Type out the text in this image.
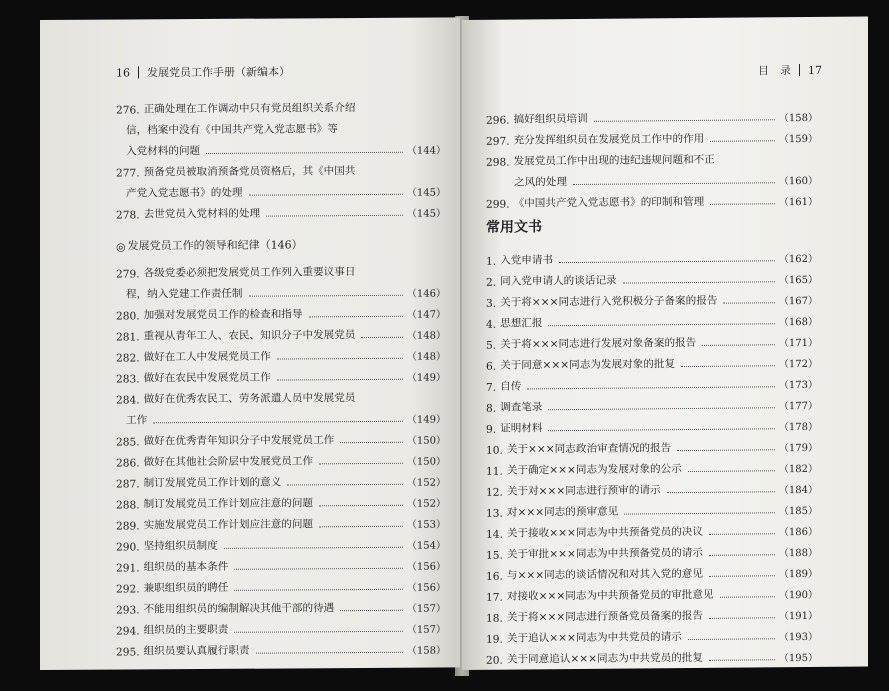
16 发展党员工作手册（新编本）
276. 正确处理在工作调动中只有党员组织关系介绍
信，档案中没有《中国共产党入党志愿书》等
入党材料的问题	（144）
277. 预备党员被取消预备党员资格后，其《中国共
产党入党志愿书》的处理	（145）
278. 去世党员入党材料的处理	（145）
◎ 发展党员工作的领导和纪律 （146）
279. 各级党委必须把发展党员工作列入重要议事日
程，纳入党建工作责任制	（146）
280. 加强对发展党员工作的检查和指导	（147）
281. 重视从青年工人、农民、知识分子中发展党员	（148）
282. 做好在工人中发展党员工作	（148）
283. 做好在农民中发展党员工作	（149）
284. 做好在优秀农民工、劳务派遣人员中发展党员
工作	（149）
285. 做好在优秀青年知识分子中发展党员工作	（150）
286. 做好在其他社会阶层中发展党员工作	（150）
287. 制订发展党员工作计划的意义	（152）
288. 制订发展党员工作计划应注意的问题	（152）
289. 实施发展党员工作计划应注意的问题	（153）
290. 坚持组织员制度	（154）
291. 组织员的基本条件	（156）
292. 兼职组织员的聘任	（156）
293. 不能用组织员的编制解决其他干部的待遇	（157）
294. 组织员的主要职责	（157）
295. 组织员要认真履行职责	（158）
目　录 17
296. 搞好组织员培训	（158）
297. 充分发挥组织员在发展党员工作中的作用	（159）
298. 发展党员工作中出现的违纪违规问题和不正
之风的处理	（160）
299. 《中国共产党入党志愿书》的印制和管理	（161）
常用文书
1. 入党申请书	（162）
2. 同入党申请人的谈话记录	（165）
3. 关于将×××同志进行入党积极分子备案的报告	（167）
4. 思想汇报	（168）
5. 关于将×××同志进行发展对象备案的报告	（171）
6. 关于同意×××同志为发展对象的批复	（172）
7. 自传	（173）
8. 调查笔录	（177）
9. 证明材料	（178）
10. 关于×××同志政治审查情况的报告	（179）
11. 关于确定×××同志为发展对象的公示	（182）
12. 关于对×××同志进行预审的请示	（184）
13. 对×××同志的预审意见	（185）
14. 关于接收×××同志为中共预备党员的决议	（186）
15. 关于审批×××同志为中共预备党员的请示	（188）
16. 与×××同志的谈话情况和对其入党的意见	（189）
17. 对接收×××同志为中共预备党员的审批意见	（190）
18. 关于将×××同志进行预备党员备案的报告	（191）
19. 关于追认×××同志为中共党员的请示	（193）
20. 关于同意追认×××同志为中共党员的批复	（195）
